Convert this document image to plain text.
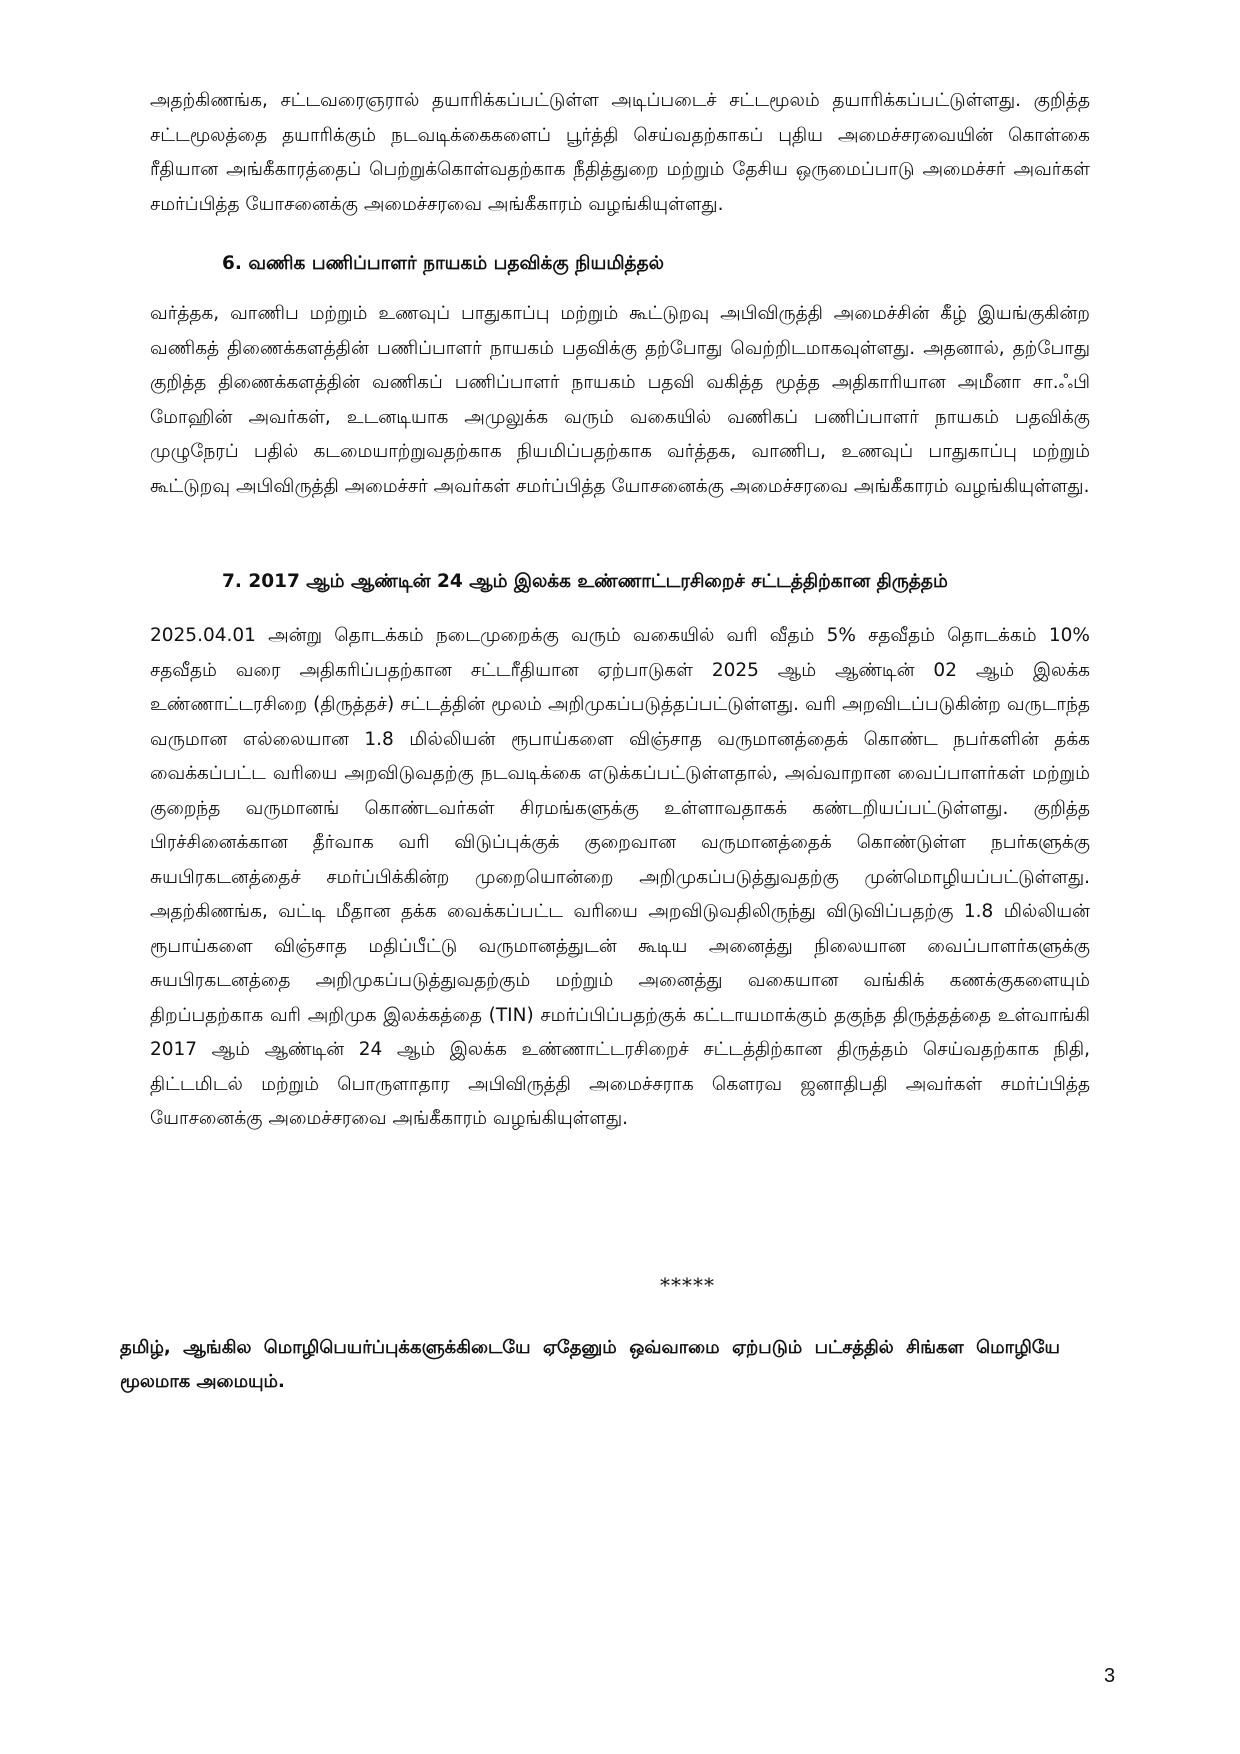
அதற்கிணங்க, சட்டவரைஞரால் தயாரிக்கப்பட்டுள்ள அடிப்படைச் சட்டமூலம் தயாரிக்கப்பட்டுள்ளது. குறித்த சட்டமூலத்தை தயாரிக்கும் நடவடிக்கைகளைப் பூர்த்தி செய்வதற்காகப் புதிய அமைச்சரவையின் கொள்கை ரீதியான அங்கீகாரத்தைப் பெற்றுக்கொள்வதற்காக நீதித்துறை மற்றும் தேசிய ஒருமைப்பாடு அமைச்சர் அவர்கள் சமர்ப்பித்த யோசனைக்கு அமைச்சரவை அங்கீகாரம் வழங்கியுள்ளது.
6. வணிக பணிப்பாளர் நாயகம் பதவிக்கு நியமித்தல்
வர்த்தக, வாணிப மற்றும் உணவுப் பாதுகாப்பு மற்றும் கூட்டுறவு அபிவிருத்தி அமைச்சின் கீழ் இயங்குகின்ற வணிகத் திணைக்களத்தின் பணிப்பாளர் நாயகம் பதவிக்கு தற்போது வெற்றிடமாகவுள்ளது. அதனால், தற்போது குறித்த திணைக்களத்தின் வணிகப் பணிப்பாளர் நாயகம் பதவி வகித்த மூத்த அதிகாரியான அமீனா சா.ஃபி மோஹின் அவர்கள், உடனடியாக அமுலுக்க வரும் வகையில் வணிகப் பணிப்பாளர் நாயகம் பதவிக்கு முழுநேரப் பதில் கடமையாற்றுவதற்காக நியமிப்பதற்காக வர்த்தக, வாணிப, உணவுப் பாதுகாப்பு மற்றும் கூட்டுறவு அபிவிருத்தி அமைச்சர் அவர்கள் சமர்ப்பித்த யோசனைக்கு அமைச்சரவை அங்கீகாரம் வழங்கியுள்ளது.
7. 2017 ஆம் ஆண்டின் 24 ஆம் இலக்க உண்ணாட்டரசிறைச் சட்டத்திற்கான திருத்தம்
2025.04.01 அன்று தொடக்கம் நடைமுறைக்கு வரும் வகையில் வரி வீதம் 5% சதவீதம் தொடக்கம் 10% சதவீதம் வரை அதிகரிப்பதற்கான சட்டரீதியான ஏற்பாடுகள் 2025 ஆம் ஆண்டின் 02 ஆம் இலக்க உண்ணாட்டரசிறை (திருத்தச்) சட்டத்தின் மூலம் அறிமுகப்படுத்தப்பட்டுள்ளது. வரி அறவிடப்படுகின்ற வருடாந்த வருமான எல்லையான 1.8 மில்லியன் ரூபாய்களை விஞ்சாத வருமானத்தைக் கொண்ட நபர்களின் தக்க வைக்கப்பட்ட வரியை அறவிடுவதற்கு நடவடிக்கை எடுக்கப்பட்டுள்ளதால், அவ்வாறான வைப்பாளர்கள் மற்றும் குறைந்த வருமானங் கொண்டவர்கள் சிரமங்களுக்கு உள்ளாவதாகக் கண்டறியப்பட்டுள்ளது. குறித்த பிரச்சினைக்கான தீர்வாக வரி விடுப்புக்குக் குறைவான வருமானத்தைக் கொண்டுள்ள நபர்களுக்கு சுயபிரகடனத்தைச் சமர்ப்பிக்கின்ற முறையொன்றை அறிமுகப்படுத்துவதற்கு முன்மொழியப்பட்டுள்ளது. அதற்கிணங்க, வட்டி மீதான தக்க வைக்கப்பட்ட வரியை அறவிடுவதிலிருந்து விடுவிப்பதற்கு 1.8 மில்லியன் ரூபாய்களை விஞ்சாத மதிப்பீட்டு வருமானத்துடன் கூடிய அனைத்து நிலையான வைப்பாளர்களுக்கு சுயபிரகடனத்தை அறிமுகப்படுத்துவதற்கும் மற்றும் அனைத்து வகையான வங்கிக் கணக்குகளையும் திறப்பதற்காக வரி அறிமுக இலக்கத்தை (TIN) சமர்ப்பிப்பதற்குக் கட்டாயமாக்கும் தகுந்த திருத்தத்தை உள்வாங்கி 2017 ஆம் ஆண்டின் 24 ஆம் இலக்க உண்ணாட்டரசிறைச் சட்டத்திற்கான திருத்தம் செய்வதற்காக நிதி, திட்டமிடல் மற்றும் பொருளாதார அபிவிருத்தி அமைச்சராக கௌரவ ஜனாதிபதி அவர்கள் சமர்ப்பித்த யோசனைக்கு அமைச்சரவை அங்கீகாரம் வழங்கியுள்ளது.
*****
தமிழ், ஆங்கில மொழிபெயர்ப்புக்களுக்கிடையே ஏதேனும் ஒவ்வாமை ஏற்படும் பட்சத்தில் சிங்கள மொழியே மூலமாக அமையும்.
3
